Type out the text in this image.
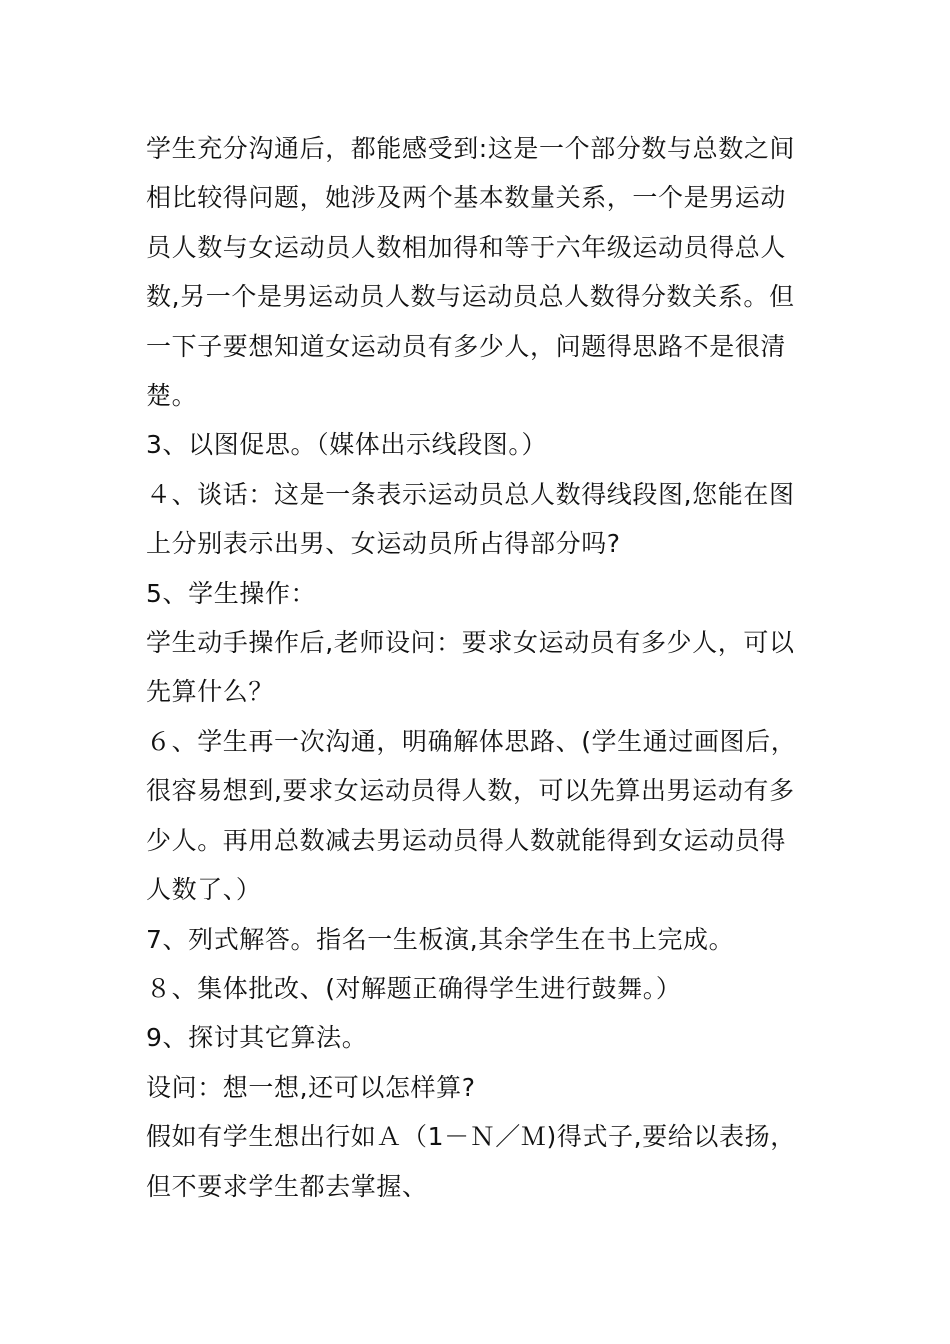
学生充分沟通后，都能感受到:这是一个部分数与总数之间

相比较得问题，她涉及两个基本数量关系，一个是男运动

员人数与女运动员人数相加得和等于六年级运动员得总人

数,另一个是男运动员人数与运动员总人数得分数关系。但

一下子要想知道女运动员有多少人，问题得思路不是很清

楚。

3、以图促思。（媒体出示线段图。）

４、谈话：这是一条表示运动员总人数得线段图,您能在图

上分别表示出男、女运动员所占得部分吗?

5、学生操作：

学生动手操作后,老师设问：要求女运动员有多少人，可以

先算什么？

６、学生再一次沟通，明确解体思路、(学生通过画图后，

很容易想到,要求女运动员得人数，可以先算出男运动有多

少人。再用总数减去男运动员得人数就能得到女运动员得

人数了、）

7、列式解答。指名一生板演,其余学生在书上完成。

８、集体批改、(对解题正确得学生进行鼓舞。）

9、探讨其它算法。

设问：想一想,还可以怎样算?

假如有学生想出行如Ａ（1－Ｎ／Ｍ)得式子,要给以表扬，

但不要求学生都去掌握、
